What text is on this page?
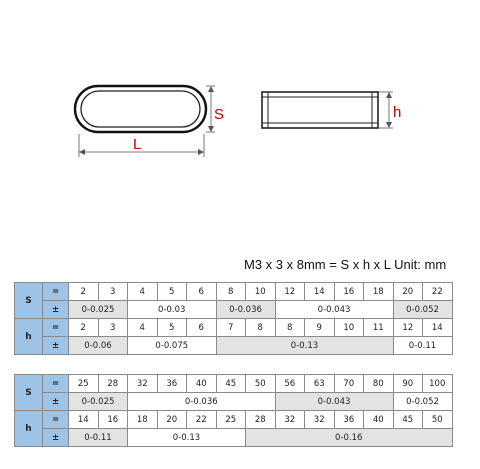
S
L
h
M3 x 3 x 8mm = S x h x L Unit: mm
S	=	2	3	4	5	6	8	10	12	14	16	18	20	22
	±	0-0.025		0-0.03			0-0.036		0-0.043				0-0.052	
h	=	2	3	4	5	6	7	8	8	9	10	11	12	14
	±	0-0.06		0-0.075			0-0.13						0-0.11	
S	=	25	28	32	36	40	45	50	56	63	70	80	90	100
	±	0-0.025		0-0.036					0-0.043				0-0.052	
h	=	14	16	18	20	22	25	28	32	32	36	40	45	50
	±	0-0.11		0-0.13				0-0.16						
